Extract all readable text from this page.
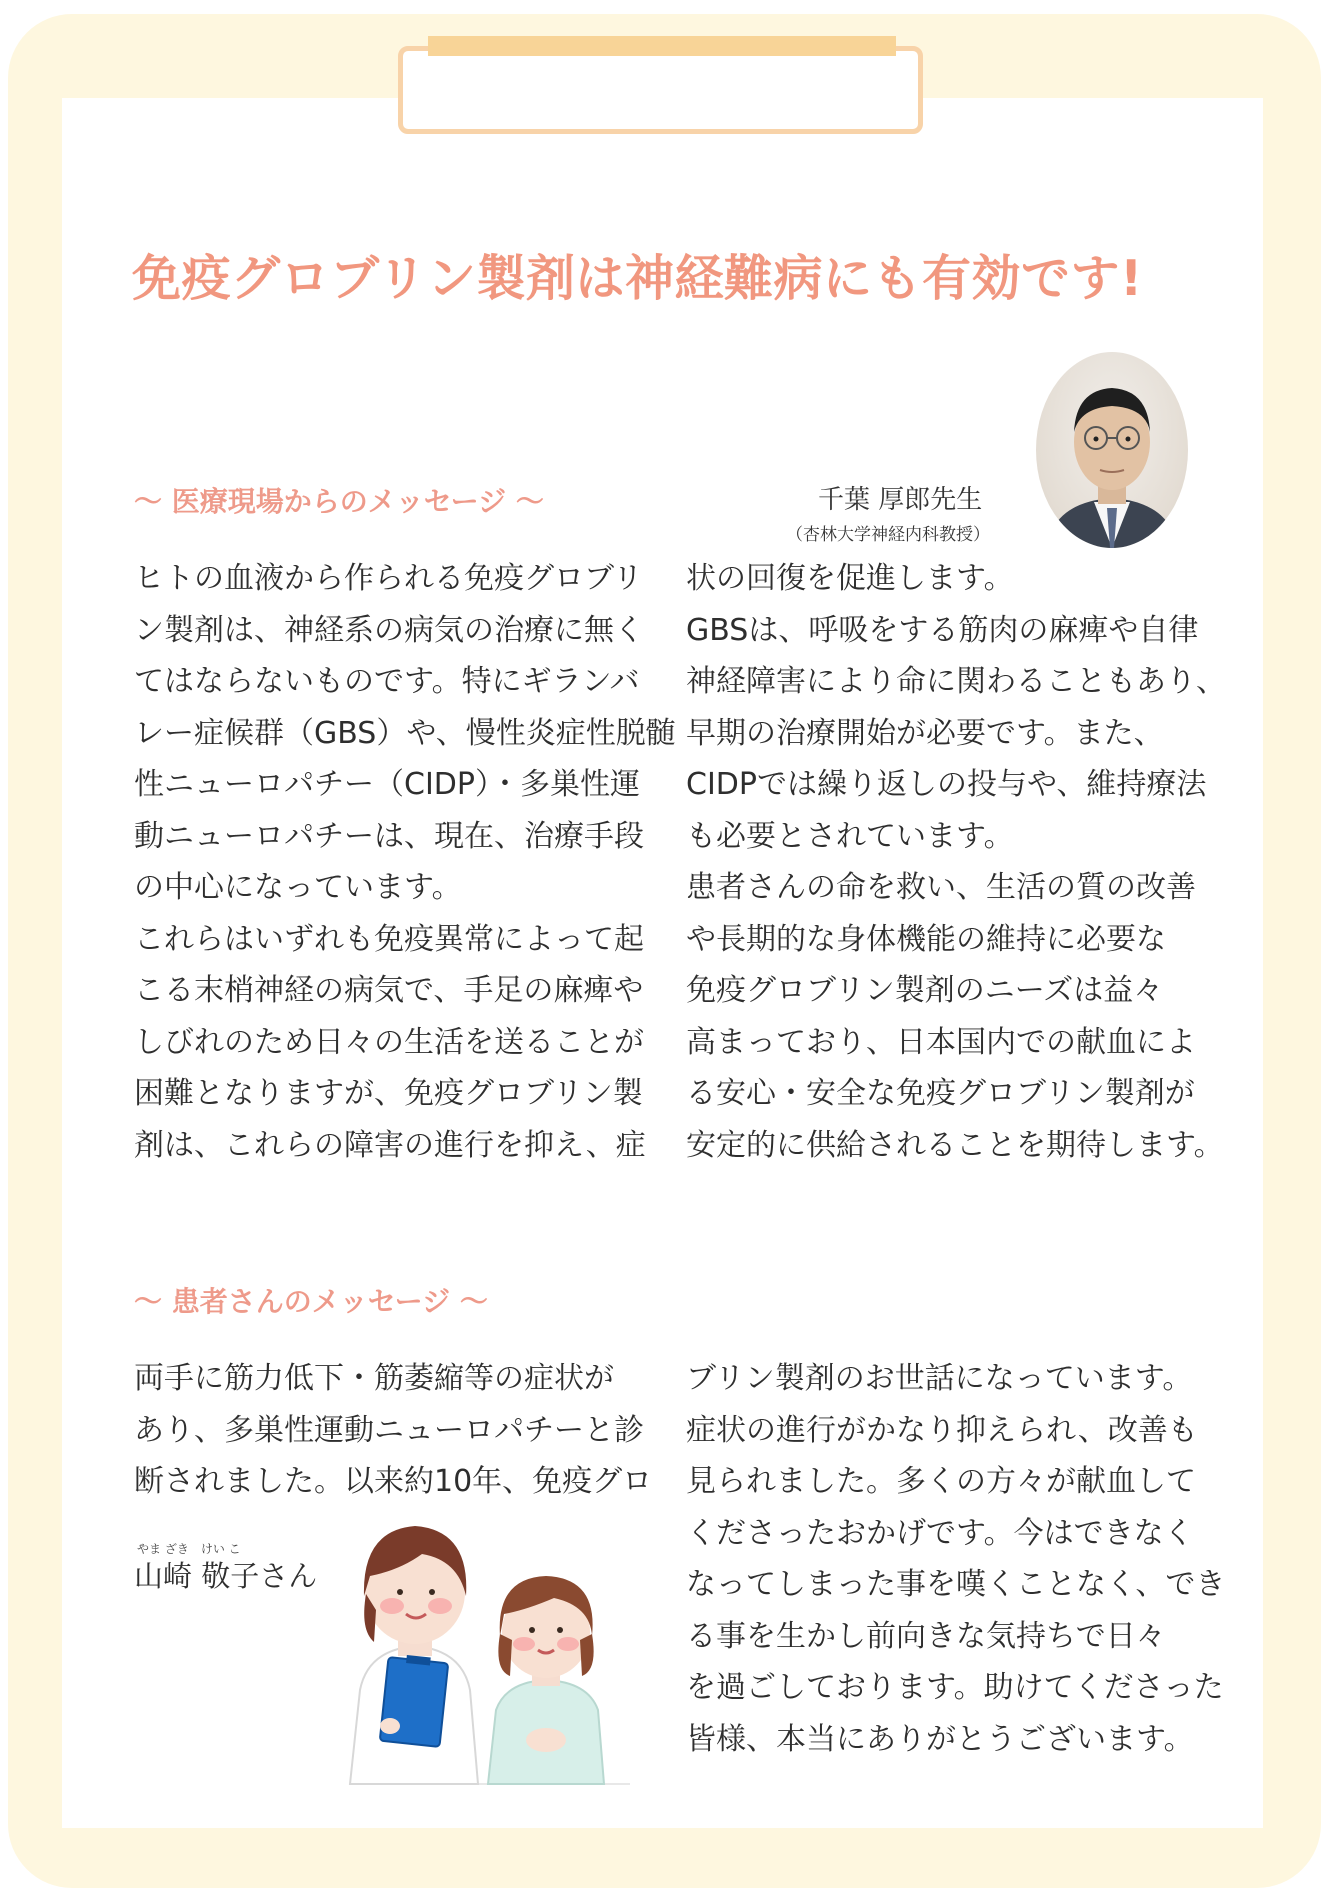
免疫グロブリン製剤は神経難病にも有効です!
～ 医療現場からのメッセージ ～	千葉 厚郎先生
（杏林大学神経内科教授）

ヒトの血液から作られる免疫グロブリ

ン製剤は、神経系の病気の治療に無く

てはならないものです。特にギランバ

レー症候群（GBS）や、慢性炎症性脱髄

性ニューロパチー（CIDP）・多巣性運

動ニューロパチーは、現在、治療手段

の中心になっています。

これらはいずれも免疫異常によって起

こる末梢神経の病気で、手足の麻痺や

しびれのため日々の生活を送ることが

困難となりますが、免疫グロブリン製

剤は、これらの障害の進行を抑え、症

状の回復を促進します。

GBSは、呼吸をする筋肉の麻痺や自律

神経障害により命に関わることもあり、

早期の治療開始が必要です。また、

CIDPでは繰り返しの投与や、維持療法

も必要とされています。

患者さんの命を救い、生活の質の改善

や長期的な身体機能の維持に必要な

免疫グロブリン製剤のニーズは益々

高まっており、日本国内での献血によ

る安心・安全な免疫グロブリン製剤が

安定的に供給されることを期待します。

～ 患者さんのメッセージ ～

両手に筋力低下・筋萎縮等の症状が

あり、多巣性運動ニューロパチーと診

断されました。以来約10年、免疫グロ

やま ざき　けい こ
山崎 敬子さん

ブリン製剤のお世話になっています。

症状の進行がかなり抑えられ、改善も

見られました。多くの方々が献血して

くださったおかげです。今はできなく

なってしまった事を嘆くことなく、でき

る事を生かし前向きな気持ちで日々

を過ごしております。助けてくださった

皆様、本当にありがとうございます。
